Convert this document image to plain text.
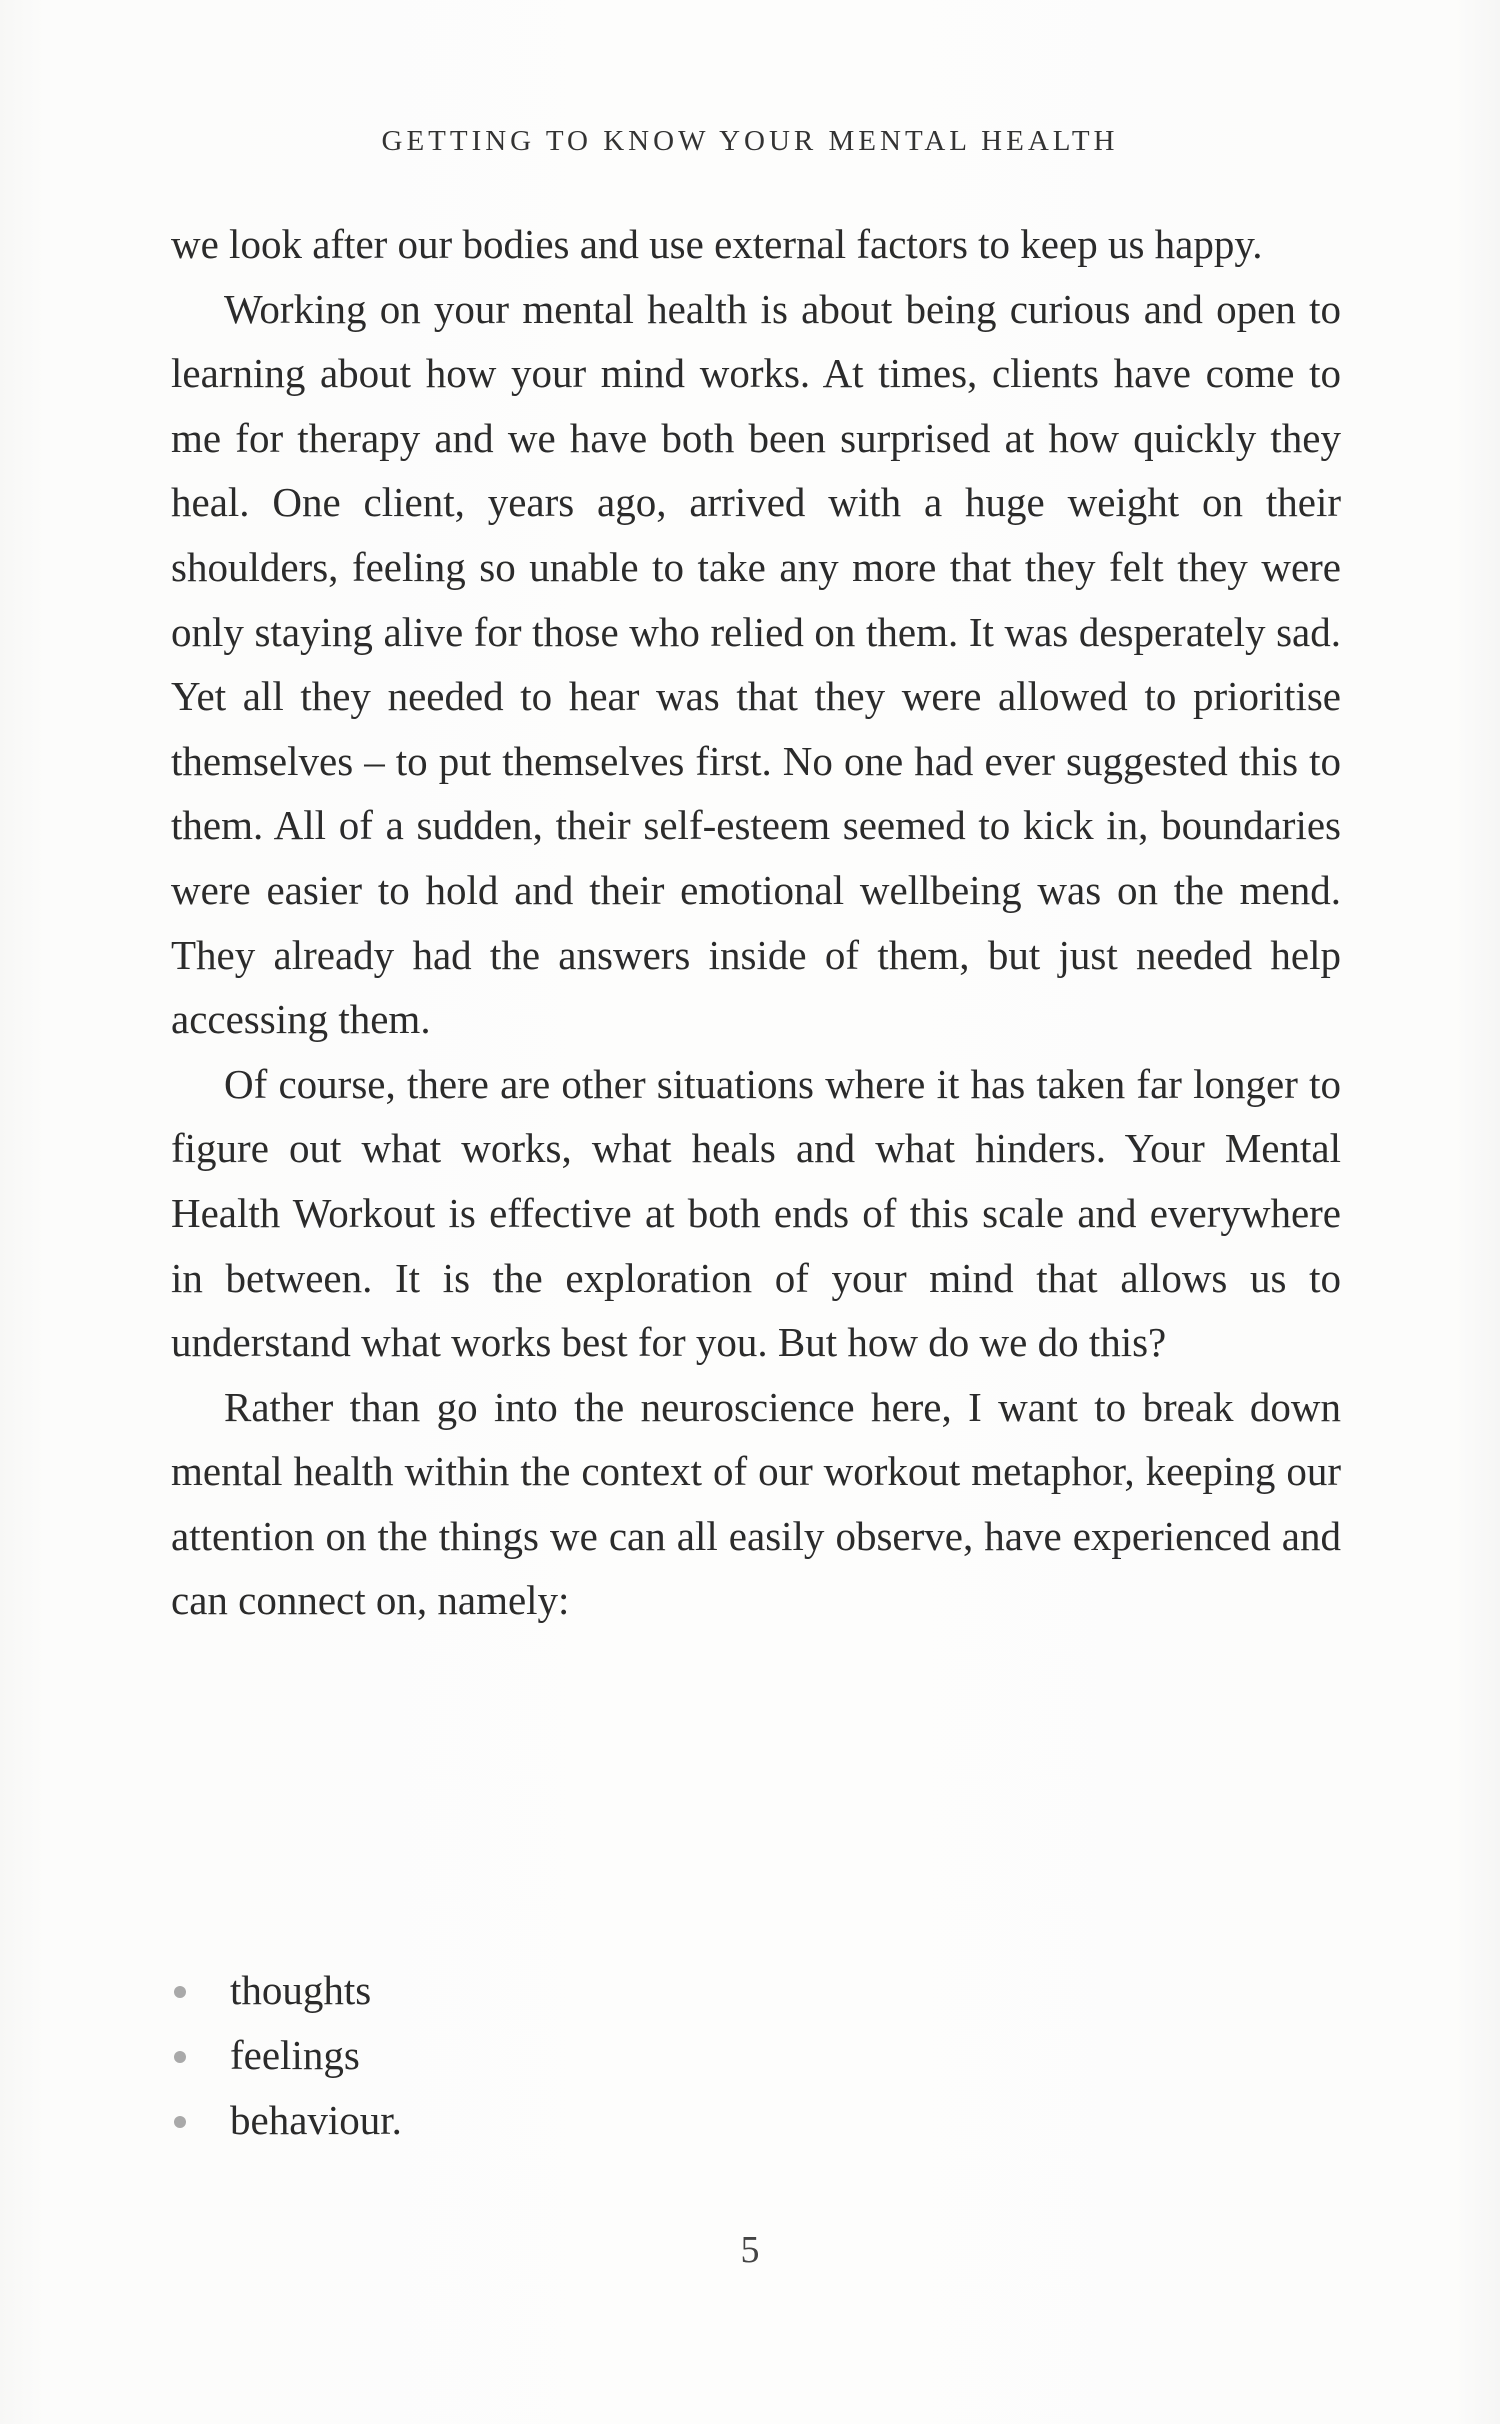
GETTING TO KNOW YOUR MENTAL HEALTH

we look after our bodies and use external factors to keep us happy.

Working on your mental health is about being curious and open to learning about how your mind works. At times, clients have come to me for therapy and we have both been surprised at how quickly they heal. One client, years ago, arrived with a huge weight on their shoulders, feeling so unable to take any more that they felt they were only staying alive for those who relied on them. It was desperately sad. Yet all they needed to hear was that they were allowed to prioritise themselves – to put themselves first. No one had ever suggested this to them. All of a sudden, their self-esteem seemed to kick in, boundaries were easier to hold and their emotional wellbeing was on the mend. They already had the answers inside of them, but just needed help accessing them.

Of course, there are other situations where it has taken far longer to figure out what works, what heals and what hinders. Your Mental Health Workout is effective at both ends of this scale and everywhere in between. It is the exploration of your mind that allows us to understand what works best for you. But how do we do this?

Rather than go into the neuroscience here, I want to break down mental health within the context of our workout metaphor, keeping our attention on the things we can all easily observe, have experienced and can connect on, namely:

thoughts
feelings
behaviour.
5
